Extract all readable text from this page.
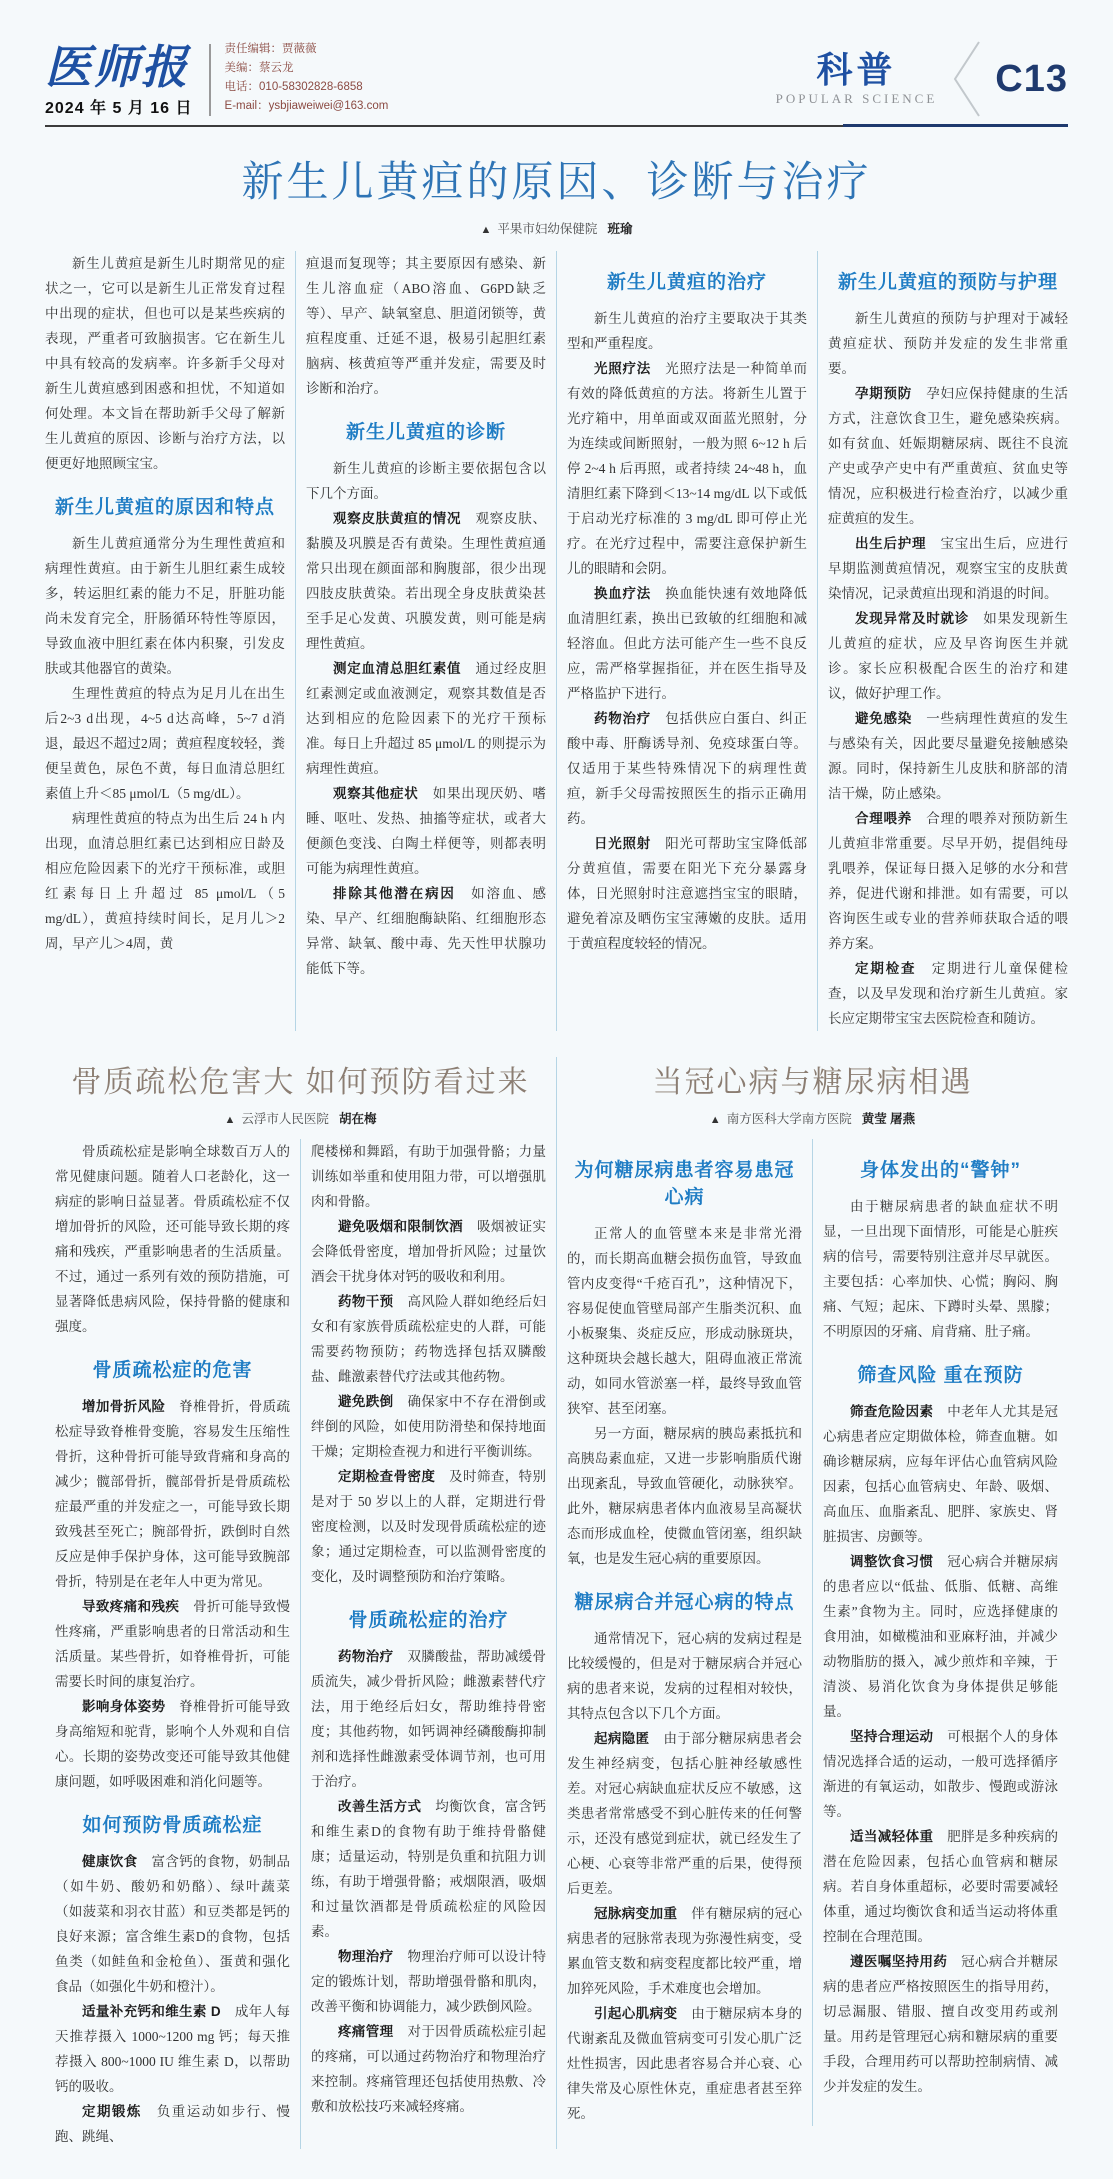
医师报
2024 年 5 月 16 日
责任编辑：贾薇薇
美编：蔡云龙
电话：010-58302828-6858
E-mail：ysbjiaweiwei@163.com
科普
POPULAR SCIENCE C13
新生儿黄疸的原因、诊断与治疗
▲ 平果市妇幼保健院 班瑜

新生儿黄疸是新生儿时期常见的症状之一，它可以是新生儿正常发育过程中出现的症状，但也可以是某些疾病的表现，严重者可致脑损害。它在新生儿中具有较高的发病率。许多新手父母对新生儿黄疸感到困惑和担忧，不知道如何处理。本文旨在帮助新手父母了解新生儿黄疸的原因、诊断与治疗方法，以便更好地照顾宝宝。

新生儿黄疸的原因和特点

新生儿黄疸通常分为生理性黄疸和病理性黄疸。由于新生儿胆红素生成较多，转运胆红素的能力不足，肝脏功能尚未发育完全，肝肠循环特性等原因，导致血液中胆红素在体内积聚，引发皮肤或其他器官的黄染。

生理性黄疸的特点为足月儿在出生后2~3 d出现，4~5 d达高峰，5~7 d消退，最迟不超过2周；黄疸程度较轻，粪便呈黄色，尿色不黄，每日血清总胆红素值上升＜85 μmol/L（5 mg/dL）。

病理性黄疸的特点为出生后 24 h 内出现，血清总胆红素已达到相应日龄及相应危险因素下的光疗干预标准，或胆红素每日上升超过 85 μmol/L（5 mg/dL），黄疸持续时间长，足月儿＞2周，早产儿＞4周，黄

疸退而复现等；其主要原因有感染、新生儿溶血症（ABO溶血、G6PD缺乏等）、早产、缺氧窒息、胆道闭锁等，黄疸程度重、迁延不退，极易引起胆红素脑病、核黄疸等严重并发症，需要及时诊断和治疗。

新生儿黄疸的诊断

新生儿黄疸的诊断主要依据包含以下几个方面。

观察皮肤黄疸的情况　观察皮肤、黏膜及巩膜是否有黄染。生理性黄疸通常只出现在颜面部和胸腹部，很少出现四肢皮肤黄染。若出现全身皮肤黄染甚至手足心发黄、巩膜发黄，则可能是病理性黄疸。

测定血清总胆红素值　通过经皮胆红素测定或血液测定，观察其数值是否达到相应的危险因素下的光疗干预标准。每日上升超过 85 μmol/L 的则提示为病理性黄疸。

观察其他症状　如果出现厌奶、嗜睡、呕吐、发热、抽搐等症状，或者大便颜色变浅、白陶土样便等，则都表明可能为病理性黄疸。

排除其他潜在病因　如溶血、感染、早产、红细胞酶缺陷、红细胞形态异常、缺氧、酸中毒、先天性甲状腺功能低下等。

新生儿黄疸的治疗

新生儿黄疸的治疗主要取决于其类型和严重程度。

光照疗法　光照疗法是一种简单而有效的降低黄疸的方法。将新生儿置于光疗箱中，用单面或双面蓝光照射，分为连续或间断照射，一般为照 6~12 h 后停 2~4 h 后再照，或者持续 24~48 h，血清胆红素下降到＜13~14 mg/dL 以下或低于启动光疗标准的 3 mg/dL 即可停止光疗。在光疗过程中，需要注意保护新生儿的眼睛和会阴。

换血疗法　换血能快速有效地降低血清胆红素，换出已致敏的红细胞和减轻溶血。但此方法可能产生一些不良反应，需严格掌握指征，并在医生指导及严格监护下进行。

药物治疗　包括供应白蛋白、纠正酸中毒、肝酶诱导剂、免疫球蛋白等。仅适用于某些特殊情况下的病理性黄疸，新手父母需按照医生的指示正确用药。

日光照射　阳光可帮助宝宝降低部分黄疸值，需要在阳光下充分暴露身体，日光照射时注意遮挡宝宝的眼睛，避免着凉及晒伤宝宝薄嫩的皮肤。适用于黄疸程度较轻的情况。

新生儿黄疸的预防与护理

新生儿黄疸的预防与护理对于减轻黄疸症状、预防并发症的发生非常重要。

孕期预防　孕妇应保持健康的生活方式，注意饮食卫生，避免感染疾病。如有贫血、妊娠期糖尿病、既往不良流产史或孕产史中有严重黄疸、贫血史等情况，应积极进行检查治疗，以减少重症黄疸的发生。

出生后护理　宝宝出生后，应进行早期监测黄疸情况，观察宝宝的皮肤黄染情况，记录黄疸出现和消退的时间。

发现异常及时就诊　如果发现新生儿黄疸的症状，应及早咨询医生并就诊。家长应积极配合医生的治疗和建议，做好护理工作。

避免感染　一些病理性黄疸的发生与感染有关，因此要尽量避免接触感染源。同时，保持新生儿皮肤和脐部的清洁干燥，防止感染。

合理喂养　合理的喂养对预防新生儿黄疸非常重要。尽早开奶，提倡纯母乳喂养，保证每日摄入足够的水分和营养，促进代谢和排泄。如有需要，可以咨询医生或专业的营养师获取合适的喂养方案。

定期检查　定期进行儿童保健检查，以及早发现和治疗新生儿黄疸。家长应定期带宝宝去医院检查和随访。

骨质疏松危害大 如何预防看过来
▲ 云浮市人民医院 胡在梅

骨质疏松症是影响全球数百万人的常见健康问题。随着人口老龄化，这一病症的影响日益显著。骨质疏松症不仅增加骨折的风险，还可能导致长期的疼痛和残疾，严重影响患者的生活质量。不过，通过一系列有效的预防措施，可显著降低患病风险，保持骨骼的健康和强度。

骨质疏松症的危害

增加骨折风险　脊椎骨折，骨质疏松症导致脊椎骨变脆，容易发生压缩性骨折，这种骨折可能导致背痛和身高的减少；髋部骨折，髋部骨折是骨质疏松症最严重的并发症之一，可能导致长期致残甚至死亡；腕部骨折，跌倒时自然反应是伸手保护身体，这可能导致腕部骨折，特别是在老年人中更为常见。

导致疼痛和残疾　骨折可能导致慢性疼痛，严重影响患者的日常活动和生活质量。某些骨折，如脊椎骨折，可能需要长时间的康复治疗。

影响身体姿势　脊椎骨折可能导致身高缩短和驼背，影响个人外观和自信心。长期的姿势改变还可能导致其他健康问题，如呼吸困难和消化问题等。

如何预防骨质疏松症

健康饮食　富含钙的食物，奶制品（如牛奶、酸奶和奶酪）、绿叶蔬菜（如菠菜和羽衣甘蓝）和豆类都是钙的良好来源；富含维生素D的食物，包括鱼类（如鲑鱼和金枪鱼）、蛋黄和强化食品（如强化牛奶和橙汁）。

适量补充钙和维生素 D　成年人每天推荐摄入 1000~1200 mg 钙；每天推荐摄入 800~1000 IU 维生素 D，以帮助钙的吸收。

定期锻炼　负重运动如步行、慢跑、跳绳、

爬楼梯和舞蹈，有助于加强骨骼；力量训练如举重和使用阻力带，可以增强肌肉和骨骼。

避免吸烟和限制饮酒　吸烟被证实会降低骨密度，增加骨折风险；过量饮酒会干扰身体对钙的吸收和利用。

药物干预　高风险人群如绝经后妇女和有家族骨质疏松症史的人群，可能需要药物预防；药物选择包括双膦酸盐、雌激素替代疗法或其他药物。

避免跌倒　确保家中不存在滑倒或绊倒的风险，如使用防滑垫和保持地面干燥；定期检查视力和进行平衡训练。

定期检查骨密度　及时筛查，特别是对于 50 岁以上的人群，定期进行骨密度检测，以及时发现骨质疏松症的迹象；通过定期检查，可以监测骨密度的变化，及时调整预防和治疗策略。

骨质疏松症的治疗

药物治疗　双膦酸盐，帮助减缓骨质流失，减少骨折风险；雌激素替代疗法，用于绝经后妇女，帮助维持骨密度；其他药物，如钙调神经磷酸酶抑制剂和选择性雌激素受体调节剂，也可用于治疗。

改善生活方式　均衡饮食，富含钙和维生素D的食物有助于维持骨骼健康；适量运动，特别是负重和抗阻力训练，有助于增强骨骼；戒烟限酒，吸烟和过量饮酒都是骨质疏松症的风险因素。

物理治疗　物理治疗师可以设计特定的锻炼计划，帮助增强骨骼和肌肉，改善平衡和协调能力，减少跌倒风险。

疼痛管理　对于因骨质疏松症引起的疼痛，可以通过药物治疗和物理治疗来控制。疼痛管理还包括使用热敷、冷敷和放松技巧来减轻疼痛。

当冠心病与糖尿病相遇
▲ 南方医科大学南方医院 黄莹 屠燕
为何糖尿病患者容易患冠心病

正常人的血管壁本来是非常光滑的，而长期高血糖会损伤血管，导致血管内皮变得“千疮百孔”，这种情况下，容易促使血管壁局部产生脂类沉积、血小板聚集、炎症反应，形成动脉斑块，这种斑块会越长越大，阻碍血液正常流动，如同水管淤塞一样，最终导致血管狭窄、甚至闭塞。

另一方面，糖尿病的胰岛素抵抗和高胰岛素血症，又进一步影响脂质代谢出现紊乱，导致血管硬化，动脉狭窄。此外，糖尿病患者体内血液易呈高凝状态而形成血栓，使微血管闭塞，组织缺氧，也是发生冠心病的重要原因。

糖尿病合并冠心病的特点

通常情况下，冠心病的发病过程是比较缓慢的，但是对于糖尿病合并冠心病的患者来说，发病的过程相对较快，其特点包含以下几个方面。

起病隐匿　由于部分糖尿病患者会发生神经病变，包括心脏神经敏感性差。对冠心病缺血症状反应不敏感，这类患者常常感受不到心脏传来的任何警示，还没有感觉到症状，就已经发生了心梗、心衰等非常严重的后果，使得预后更差。

冠脉病变加重　伴有糖尿病的冠心病患者的冠脉常表现为弥漫性病变，受累血管支数和病变程度都比较严重，增加猝死风险，手术难度也会增加。

引起心肌病变　由于糖尿病本身的代谢紊乱及微血管病变可引发心肌广泛灶性损害，因此患者容易合并心衰、心律失常及心原性休克，重症患者甚至猝死。

身体发出的“警钟”

由于糖尿病患者的缺血症状不明显，一旦出现下面情形，可能是心脏疾病的信号，需要特别注意并尽早就医。主要包括：心率加快、心慌；胸闷、胸痛、气短；起床、下蹲时头晕、黑朦；不明原因的牙痛、肩背痛、肚子痛。

筛查风险 重在预防

筛查危险因素　中老年人尤其是冠心病患者应定期做体检，筛查血糖。如确诊糖尿病，应每年评估心血管病风险因素，包括心血管病史、年龄、吸烟、高血压、血脂紊乱、肥胖、家族史、肾脏损害、房颤等。

调整饮食习惯　冠心病合并糖尿病的患者应以“低盐、低脂、低糖、高维生素”食物为主。同时，应选择健康的食用油，如橄榄油和亚麻籽油，并减少动物脂肪的摄入，减少煎炸和辛辣，于清淡、易消化饮食为身体提供足够能量。

坚持合理运动　可根据个人的身体情况选择合适的运动，一般可选择循序渐进的有氧运动，如散步、慢跑或游泳等。

适当减轻体重　肥胖是多种疾病的潜在危险因素，包括心血管病和糖尿病。若自身体重超标，必要时需要减轻体重，通过均衡饮食和适当运动将体重控制在合理范围。

遵医嘱坚持用药　冠心病合并糖尿病的患者应严格按照医生的指导用药，切忌漏服、错服、擅自改变用药或剂量。用药是管理冠心病和糖尿病的重要手段，合理用药可以帮助控制病情、减少并发症的发生。
